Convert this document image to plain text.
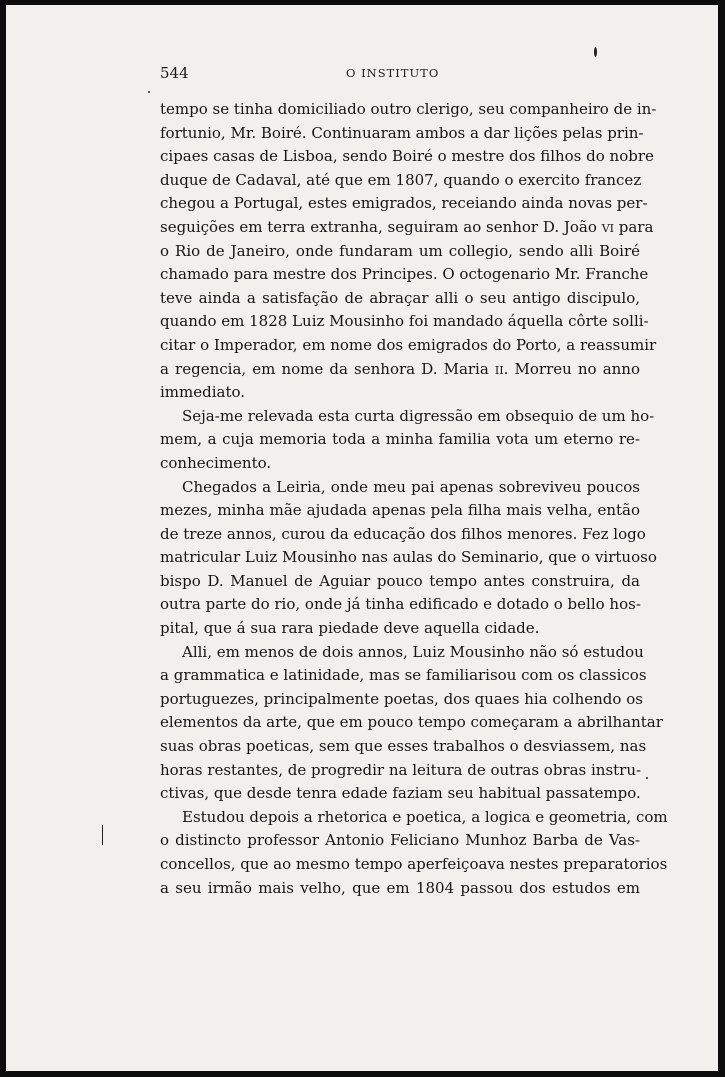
544	O INSTITUTO
tempo se tinha domiciliado outro clerigo, seu companheiro de in-
fortunio, Mr. Boiré. Continuaram ambos a dar lições pelas prin-
cipaes casas de Lisboa, sendo Boiré o mestre dos filhos do nobre
duque de Cadaval, até que em 1807, quando o exercito francez
chegou a Portugal, estes emigrados, receiando ainda novas per-
seguições em terra extranha, seguiram ao senhor D. João vi para
o Rio de Janeiro, onde fundaram um collegio, sendo alli Boiré
chamado para mestre dos Principes. O octogenario Mr. Franche
teve ainda a satisfação de abraçar alli o seu antigo discipulo,
quando em 1828 Luiz Mousinho foi mandado áquella côrte solli-
citar o Imperador, em nome dos emigrados do Porto, a reassumir
a regencia, em nome da senhora D. Maria ii. Morreu no anno
immediato.
Seja-me relevada esta curta digressão em obsequio de um ho-
mem, a cuja memoria toda a minha familia vota um eterno re-
conhecimento.
Chegados a Leiria, onde meu pai apenas sobreviveu poucos
mezes, minha mãe ajudada apenas pela filha mais velha, então
de treze annos, curou da educação dos filhos menores. Fez logo
matricular Luiz Mousinho nas aulas do Seminario, que o virtuoso
bispo D. Manuel de Aguiar pouco tempo antes construira, da
outra parte do rio, onde já tinha edificado e dotado o bello hos-
pital, que á sua rara piedade deve aquella cidade.
Alli, em menos de dois annos, Luiz Mousinho não só estudou
a grammatica e latinidade, mas se familiarisou com os classicos
portuguezes, principalmente poetas, dos quaes hia colhendo os
elementos da arte, que em pouco tempo começaram a abrilhantar
suas obras poeticas, sem que esses trabalhos o desviassem, nas
horas restantes, de progredir na leitura de outras obras instru-
ctivas, que desde tenra edade faziam seu habitual passatempo.
Estudou depois a rhetorica e poetica, a logica e geometria, com
o distincto professor Antonio Feliciano Munhoz Barba de Vas-
concellos, que ao mesmo tempo aperfeiçoava nestes preparatorios
a seu irmão mais velho, que em 1804 passou dos estudos em
